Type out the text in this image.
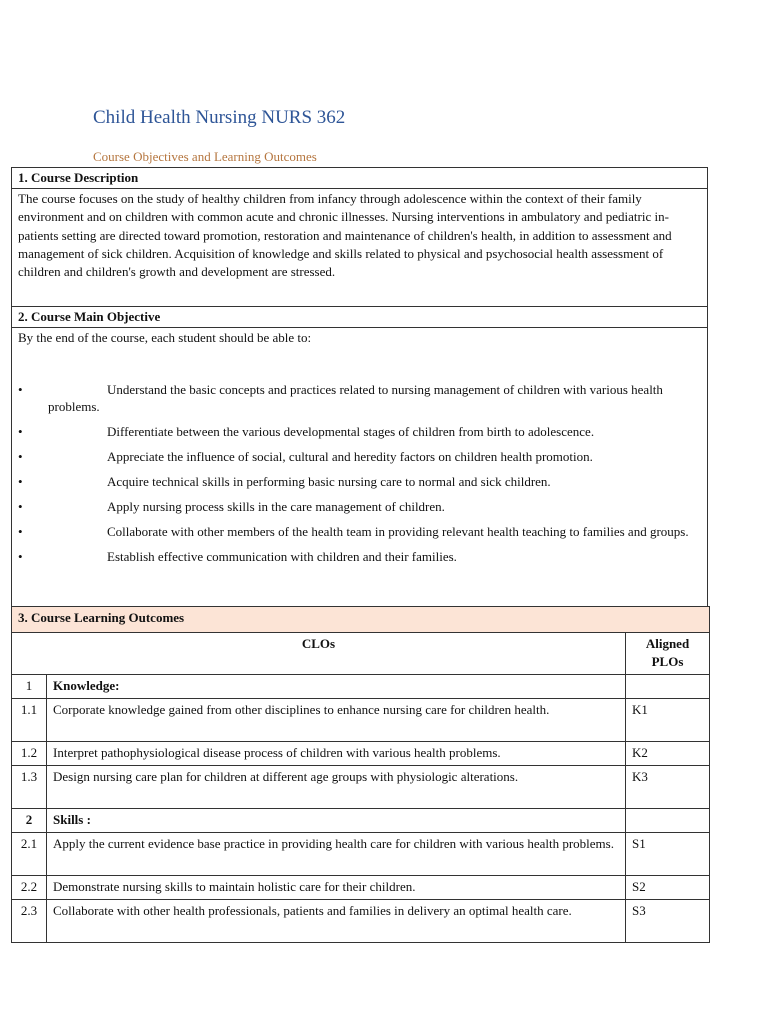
Child Health Nursing NURS 362
Course Objectives and Learning Outcomes
1. Course Description
The course focuses on the study of healthy children from infancy through adolescence within the context of their family environment and on children with common acute and chronic illnesses. Nursing interventions in ambulatory and pediatric in-patients setting are directed toward promotion, restoration and maintenance of children's health, in addition to assessment and management of sick children. Acquisition of knowledge and skills related to physical and psychosocial health assessment of children and children's growth and development are stressed.
2. Course Main Objective
By the end of the course, each student should be able to:
•	Understand the basic concepts and practices related to nursing management of children with various health problems.
•	Differentiate between the various developmental stages of children from birth to adolescence.
•	Appreciate the influence of social, cultural and heredity factors on children health promotion.
•	Acquire technical skills in performing basic nursing care to normal and sick children.
•	Apply nursing process skills in the care management of children.
•	Collaborate with other members of the health team in providing relevant health teaching to families and groups.
•	Establish effective communication with children and their families.
3. Course Learning Outcomes		
CLOs		Aligned PLOs
1	Knowledge:	
1.1	Corporate knowledge gained from other disciplines to enhance nursing care for children health.	K1
1.2	Interpret pathophysiological disease process of children with various health problems.	K2
1.3	Design nursing care plan for children at different age groups with physiologic alterations.	K3
2	Skills :	
2.1	Apply the current evidence base practice in providing health care for children with various health problems.	S1
2.2	Demonstrate nursing skills to maintain holistic care for their children.	S2
2.3	Collaborate with other health professionals, patients and families in delivery an optimal health care.	S3
